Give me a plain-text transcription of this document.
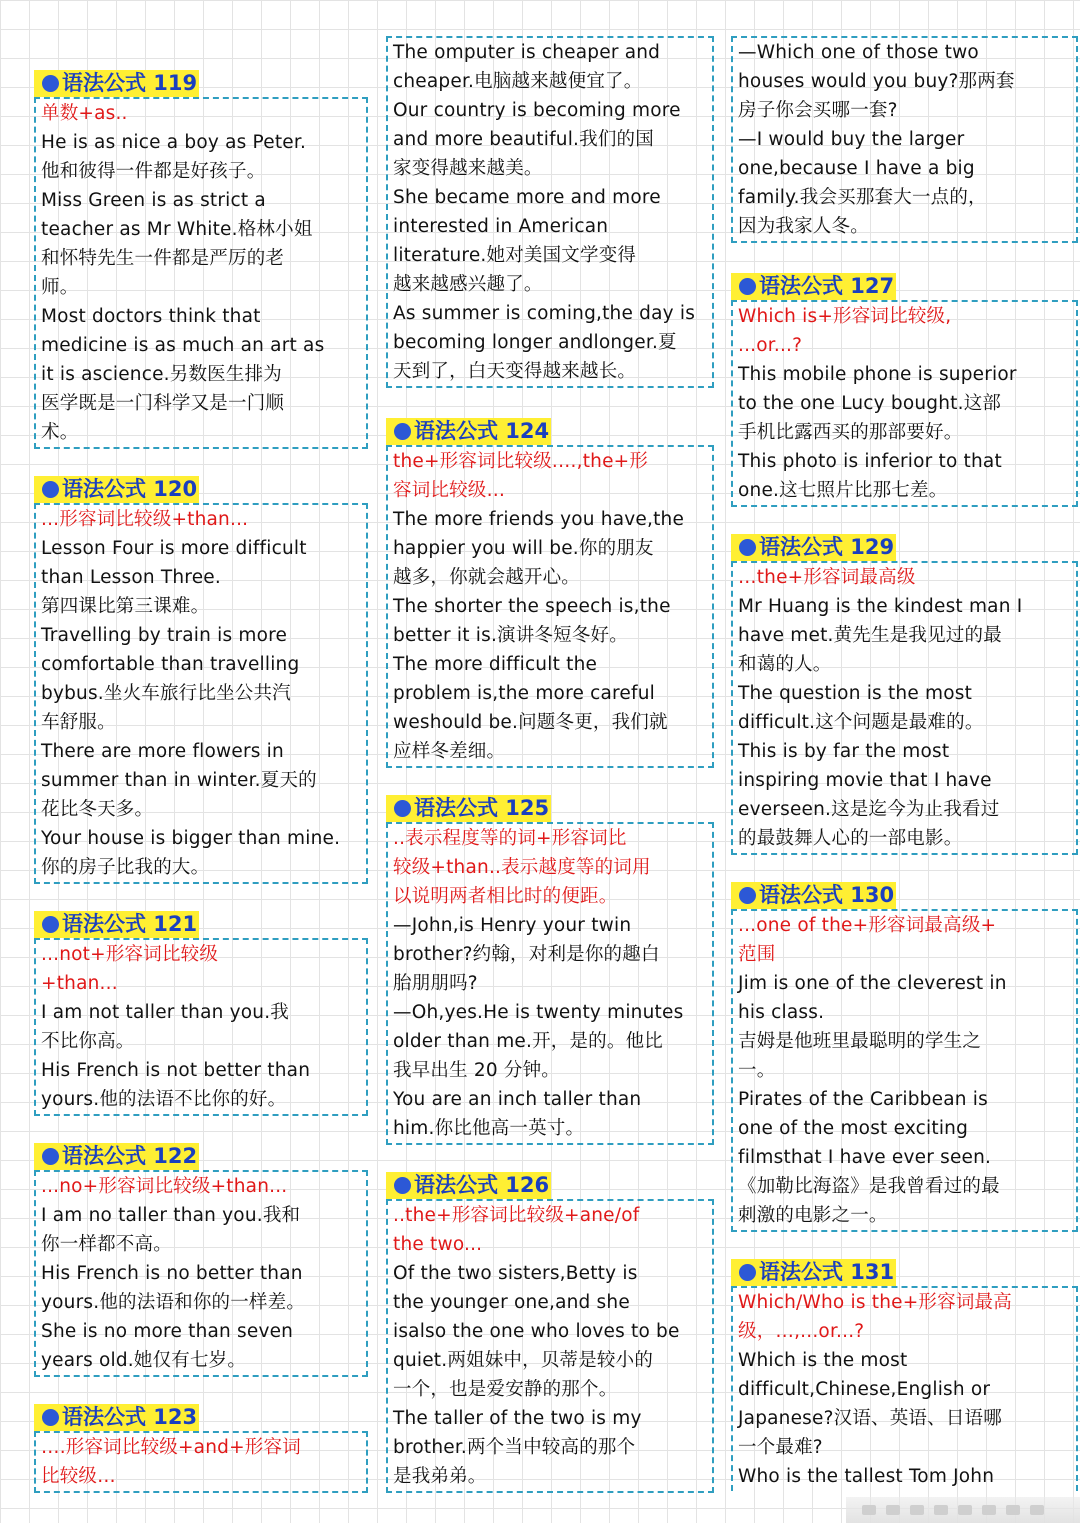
语法公式 119
单数+as..
He is as nice a boy as Peter.
他和彼得一件都是好孩子。
Miss Green is as strict a
teacher as Mr White.格林小姐
和怀特先生一件都是严厉的老
师。
Most doctors think that
medicine is as much an art as
it is ascience.另数医生排为
医学既是一门科学又是一门顺
术。
语法公式 120
...形容词比较级+than...
Lesson Four is more difficult
than Lesson Three.
第四课比第三课难。
Travelling by train is more
comfortable than travelling
bybus.坐火车旅行比坐公共汽
车舒服。
There are more flowers in
summer than in winter.夏天的
花比冬天多。
Your house is bigger than mine.
你的房子比我的大。
语法公式 121
...not+形容词比较级
+than...
I am not taller than you.我
不比你高。
His French is not better than
yours.他的法语不比你的好。
语法公式 122
...no+形容词比较级+than...
I am no taller than you.我和
你一样都不高。
His French is no better than
yours.他的法语和你的一样差。
She is no more than seven
years old.她仅有七岁。
语法公式 123
….形容词比较级+and+形容词
比较级…
The omputer is cheaper and
cheaper.电脑越来越便宜了。
Our country is becoming more
and more beautiful.我们的国
家变得越来越美。
She became more and more
interested in American
literature.她对美国文学变得
越来越感兴趣了。
As summer is coming,the day is
becoming longer andlonger.夏
天到了，白天变得越来越长。
语法公式 124
the+形容词比较级.…,the+形
容词比较级…
The more friends you have,the
happier you will be.你的朋友
越多，你就会越开心。
The shorter the speech is,the
better it is.演讲冬短冬好。
The more difficult the
problem is,the more careful
weshould be.问题冬更，我们就
应样冬差细。
语法公式 125
..表示程度等的词+形容词比
较级+than..表示越度等的词用
以说明两者相比时的便距。
—John,is Henry your twin
brother?约翰，对利是你的趣白
胎朋朋吗?
—Oh,yes.He is twenty minutes
older than me.开，是的。他比
我早出生 20 分钟。
You are an inch taller than
him.你比他高一英寸。
语法公式 126
..the+形容词比较级+ane/of
the two...
Of the two sisters,Betty is
the younger one,and she
isalso the one who loves to be
quiet.两姐妹中，贝蒂是较小的
一个，也是爱安静的那个。
The taller of the two is my
brother.两个当中较高的那个
是我弟弟。
—Which one of those two
houses would you buy?那两套
房子你会买哪一套?
—I would buy the larger
one,because I have a big
family.我会买那套大一点的，
因为我家人冬。
语法公式 127
Which is+形容词比较级,
...or...?
This mobile phone is superior
to the one Lucy bought.这部
手机比露西买的那部要好。
This photo is inferior to that
one.这七照片比那七差。
语法公式 129
…the+形容词最高级
Mr Huang is the kindest man I
have met.黄先生是我见过的最
和蔼的人。
The question is the most
difficult.这个问题是最难的。
This is by far the most
inspiring movie that I have
everseen.这是迄今为止我看过
的最鼓舞人心的一部电影。
语法公式 130
...one of the+形容词最高级+
范围
Jim is one of the cleverest in
his class.
吉姆是他班里最聪明的学生之
一。
Pirates of the Caribbean is
one of the most exciting
filmsthat I have ever seen.
《加勒比海盗》是我曾看过的最
刺激的电影之一。
语法公式 131
Which/Who is the+形容词最高
级，…,...or...?
Which is the most
difficult,Chinese,English or
Japanese?汉语、英语、日语哪
一个最难?
Who is the tallest Tom John
